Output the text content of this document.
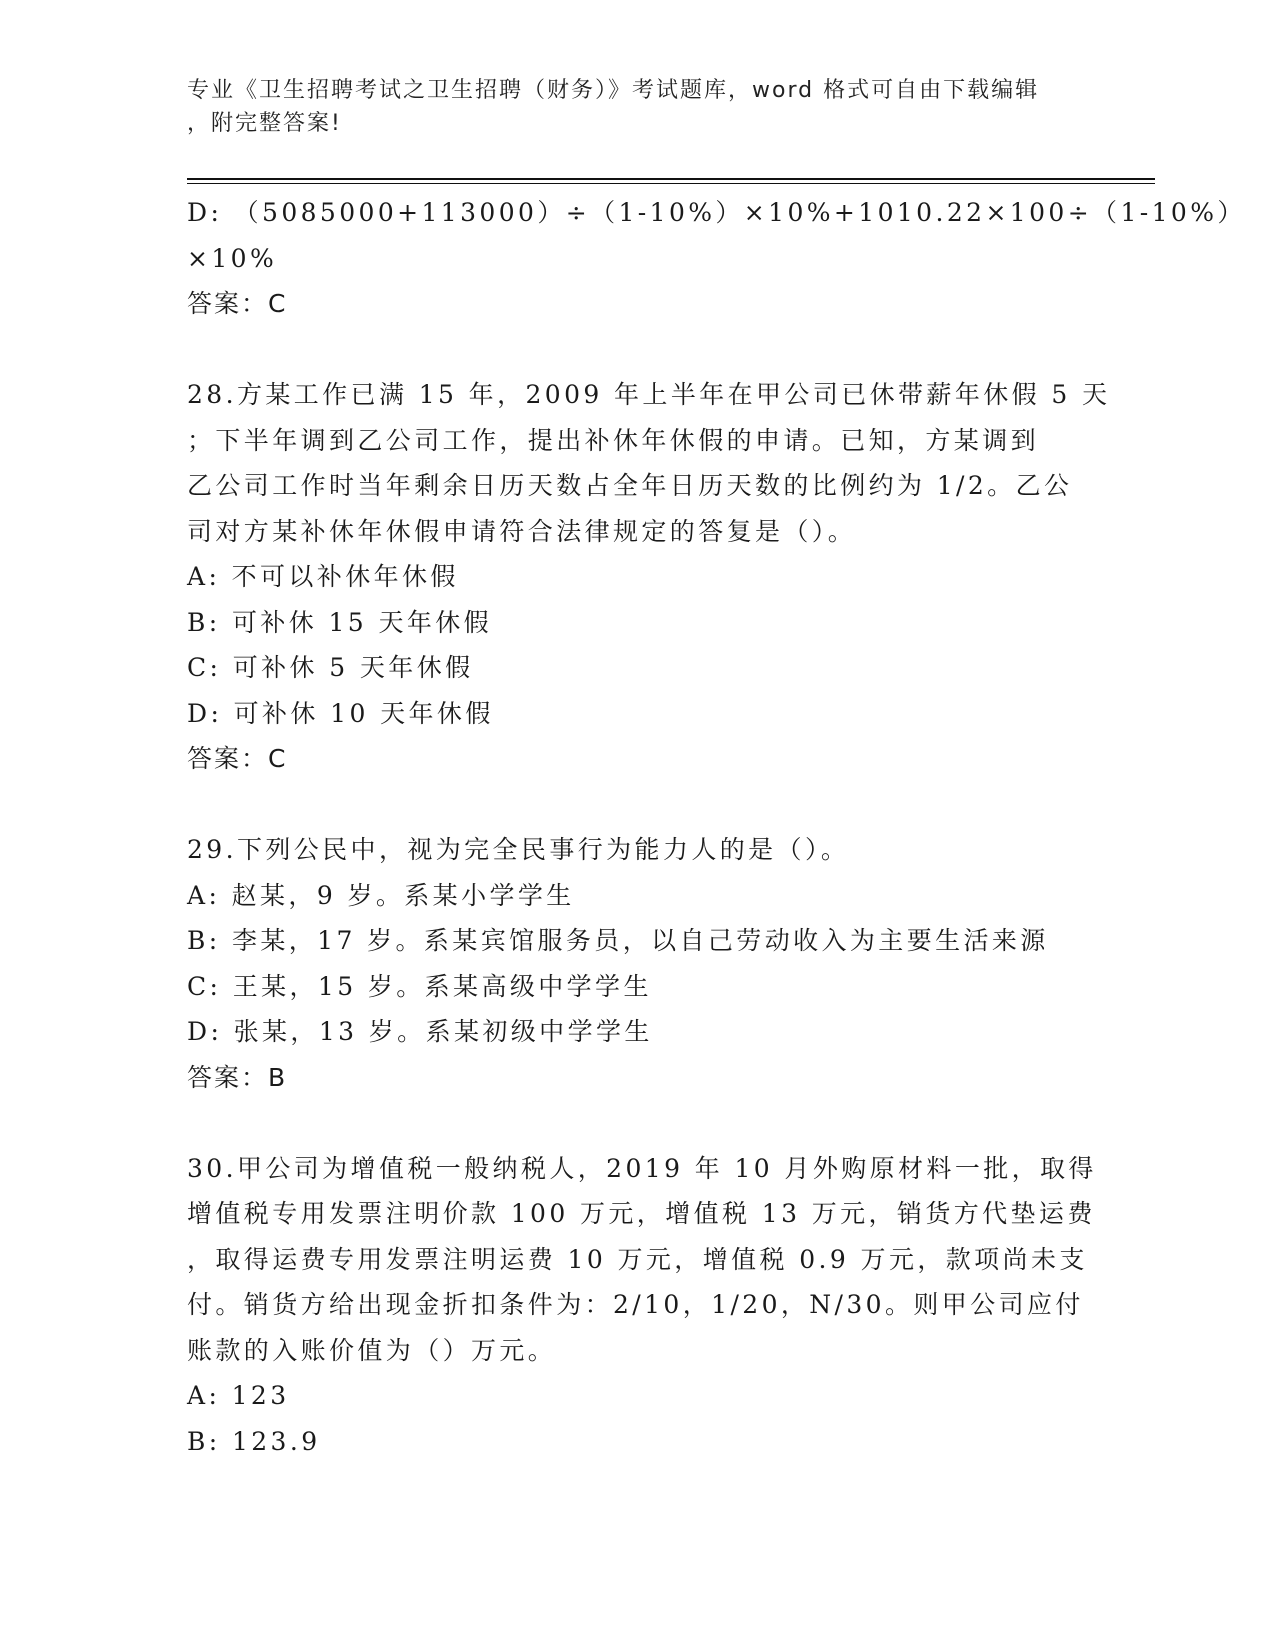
专业《卫生招聘考试之卫生招聘（财务）》考试题库，word 格式可自由下载编辑
，附完整答案!
D: （5085000+113000）÷（1-10%）×10%+1010.22×100÷（1-10%）
×10%
答案：C
28.方某工作已满 15 年，2009 年上半年在甲公司已休带薪年休假 5 天
；下半年调到乙公司工作，提出补休年休假的申请。已知，方某调到
乙公司工作时当年剩余日历天数占全年日历天数的比例约为 1/2。乙公
司对方某补休年休假申请符合法律规定的答复是（）。
A: 不可以补休年休假
B: 可补休 15 天年休假
C: 可补休 5 天年休假
D: 可补休 10 天年休假
答案：C
29.下列公民中，视为完全民事行为能力人的是（）。
A: 赵某，9 岁。系某小学学生
B: 李某，17 岁。系某宾馆服务员，以自己劳动收入为主要生活来源
C: 王某，15 岁。系某高级中学学生
D: 张某，13 岁。系某初级中学学生
答案：B
30.甲公司为增值税一般纳税人，2019 年 10 月外购原材料一批，取得
增值税专用发票注明价款 100 万元，增值税 13 万元，销货方代垫运费
，取得运费专用发票注明运费 10 万元，增值税 0.9 万元，款项尚未支
付。销货方给出现金折扣条件为：2/10，1/20，N/30。则甲公司应付
账款的入账价值为（）万元。
A: 123
B: 123.9
